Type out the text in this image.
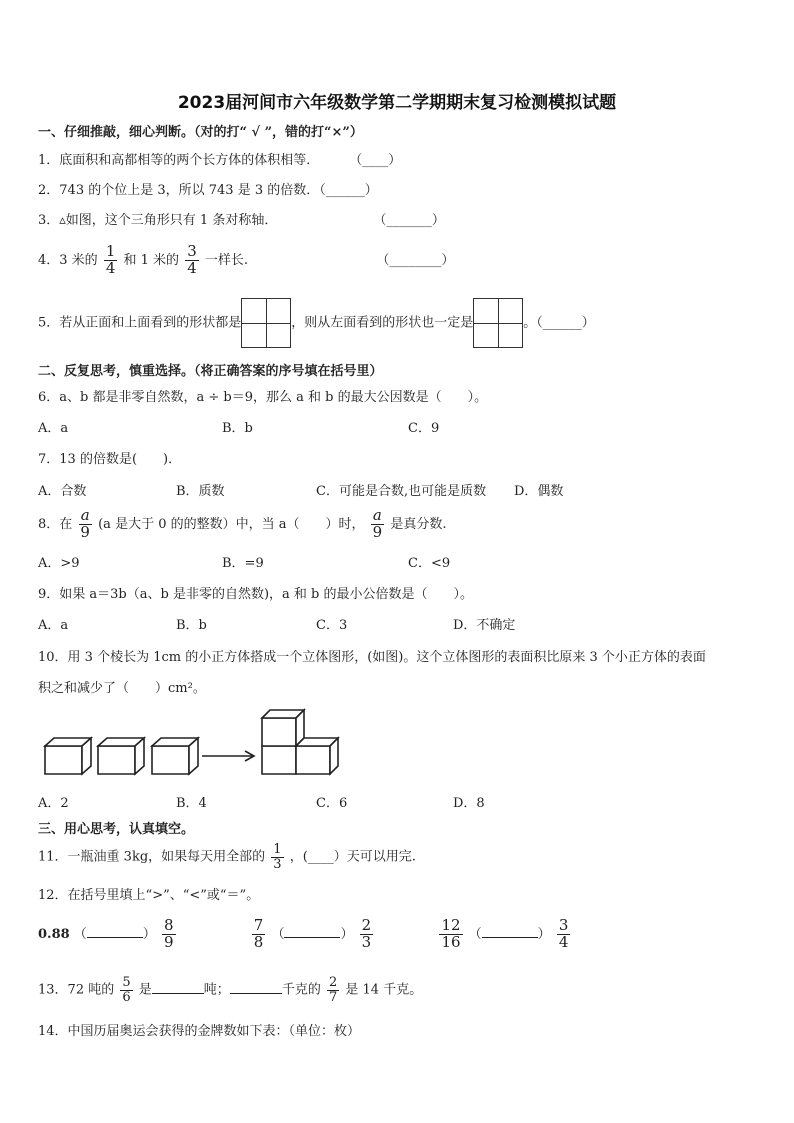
2023届河间市六年级数学第二学期期末复习检测模拟试题
一、仔细推敲，细心判断。（对的打“ √ ”，错的打“×”）
1．底面积和高都相等的两个长方体的体积相等． （____）
2．743 的个位上是 3，所以 743 是 3 的倍数．（______）
3．▵如图，这个三角形只有 1 条对称轴．	（_______）
4．3 米的 $\frac{1}{4}$ 和 1 米的 $\frac{3}{4}$ 一样长.	（________）
5．若从正面和上面看到的形状都是	，则从左面看到的形状也一定是	。（______）
二、反复思考，慎重选择。（将正确答案的序号填在括号里）
6．a、b 都是非零自然数，a ÷ b＝9，那么 a 和 b 的最大公因数是（　　）。
A．a	B．b	C．9
7．13 的倍数是(　　)．
A．合数	B．质数	C．可能是合数,也可能是质数 D．偶数
8．在 $\frac{a}{9} (a$ 是大于 0 的的整数）中，当 a（　　）时， $\frac{a}{9}$ 是真分数.
A．>9	B．=9	C．<9
9．如果 a＝3b（a、b 是非零的自然数)，a 和 b 的最小公倍数是（　　）。
A．a	B．b	C．3	D．不确定
10．用 3 个棱长为 1cm 的小正方体搭成一个立体图形，(如图)。这个立体图形的表面积比原来 3 个小正方体的表面
积之和减少了（　　）cm²。
A．2	B．4	C．6	D．8
三、用心思考，认真填空。
11．一瓶油重 3kg，如果每天用全部的 $\frac{1}{3}$ ，(____）天可以用完.
12．在括号里填上“>”、“<”或“＝”。
0.88 （	） $\frac{8}{9}$
	$\frac{7}{8}$ （	） $\frac{2}{3}$
	$\frac{12}{16}$ （	） $\frac{3}{4}$
13．72 吨的 $\frac{5}{6}$ 是	吨；	千克的 $\frac{2}{7}$ 是 14 千克。
14．中国历届奥运会获得的金牌数如下表：（单位：枚）
